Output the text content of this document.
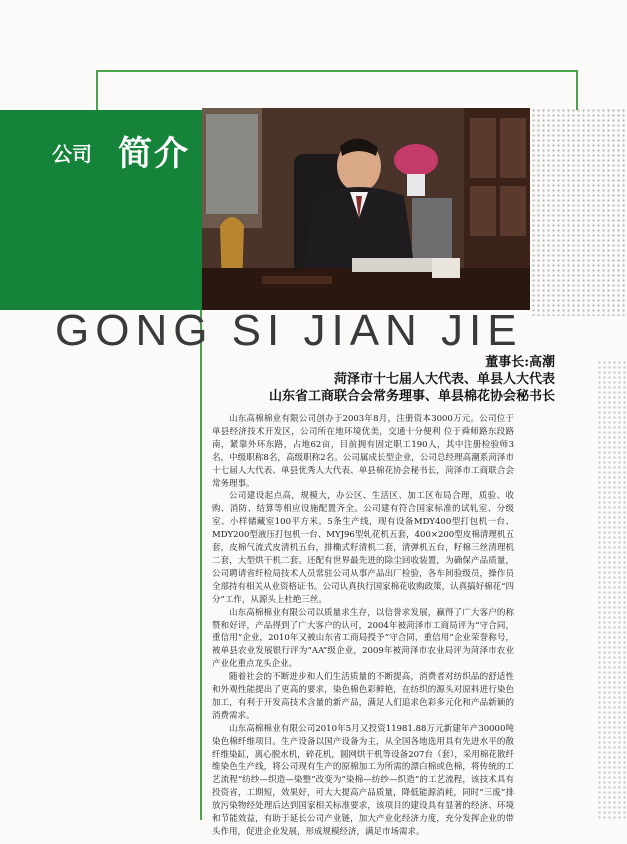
公司 简介
GONG SI JIAN JIE
董事长:高潮
菏泽市十七届人大代表、单县人大代表
山东省工商联合会常务理事、单县棉花协会秘书长

山东高棉棉业有限公司创办于2003年8月，注册资本3000万元。公司位于单县经济技术开发区，公司所在地环境优美，交通十分便利 位于舜师路东段路南，紧靠外环东路，占地62亩，目前拥有固定职工190人，其中注册检验师3名，中级职称8名，高级职称2名。公司属成长型企业，公司总经理高潮系菏泽市十七届人大代表、单县优秀人大代表、单县棉花协会秘书长，菏泽市工商联合会常务理事。

公司建设起点高，规模大，办公区、生活区、加工区布局合理，质验、收购、消防、结算等相应设施配置齐全。公司建有符合国家标准的试轧室、分级室、小样储藏室100平方米。5条生产线，现有设备MDY400型打包机一台、MDY200型液压打包机一台、MYJ96型轧花机五套，400×200型皮棉清理机五套，皮棉气流式皮清机五台，排椭式籽清机二套，清弹机五台，籽棉三丝清理机二套，大型烘干机二套。还配有世界最先进的除尘回收装置，为确保产品质量，公司聘请省纤检局技术人员常驻公司从事产品出厂检验，各车间验级员，操作员全部持有相关从业资格证书。公司认真执行国家棉花收购政策，认真搞好棉花“四分”工作，从源头上杜绝三丝。

山东高棉棉业有限公司以质量求生存，以信誉求发展，赢得了广大客户的称赞和好评，产品得到了广大客户的认可，2004年被菏泽市工商局评为“守合同，重信用”企业，2010年又被山东省工商局授予“守合同，重信用”企业荣誉称号，被单县农业发展银行评为“AA”级企业，2009年被菏泽市农业局评为菏泽市农业产业化重点龙头企业。

随着社会的不断进步和人们生活质量的不断提高，消费者对纺织品的舒适性和外观性能提出了更高的要求，染色棉色彩鲜艳，在纺织的源头对原料进行染色加工，有利于开发高技术含量的新产品，满足人们追求色彩多元化和产品新颖的消费需求。

山东高棉棉业有限公司2010年5月又投资11981.88万元新建年产30000吨染色棉纤维项目。生产设备以国产设备为主，从全国各地选用具有先进水平的散纤维染缸，离心脱水机，碎花机，圆网烘干机等设备207台（套），采用棉花散纤维染色生产线，将公司现有生产的原棉加工为所需的漂白棉或色棉，将传统的工艺流程“纺纱—织造—染整”改变为“染棉—纺纱—织造”的工艺流程，该技术具有投资省，工期短，效果好，可大大提高产品质量，降低能源消耗，同时“三废”排放污染物经处理后达到国家相关标准要求，该项目的建设具有显著的经济、环境和节能效益，有助于延长公司产业链，加大产业化经济力度，充分发挥企业的带头作用，促进企业发展，形成规模经济，满足市场需求。
